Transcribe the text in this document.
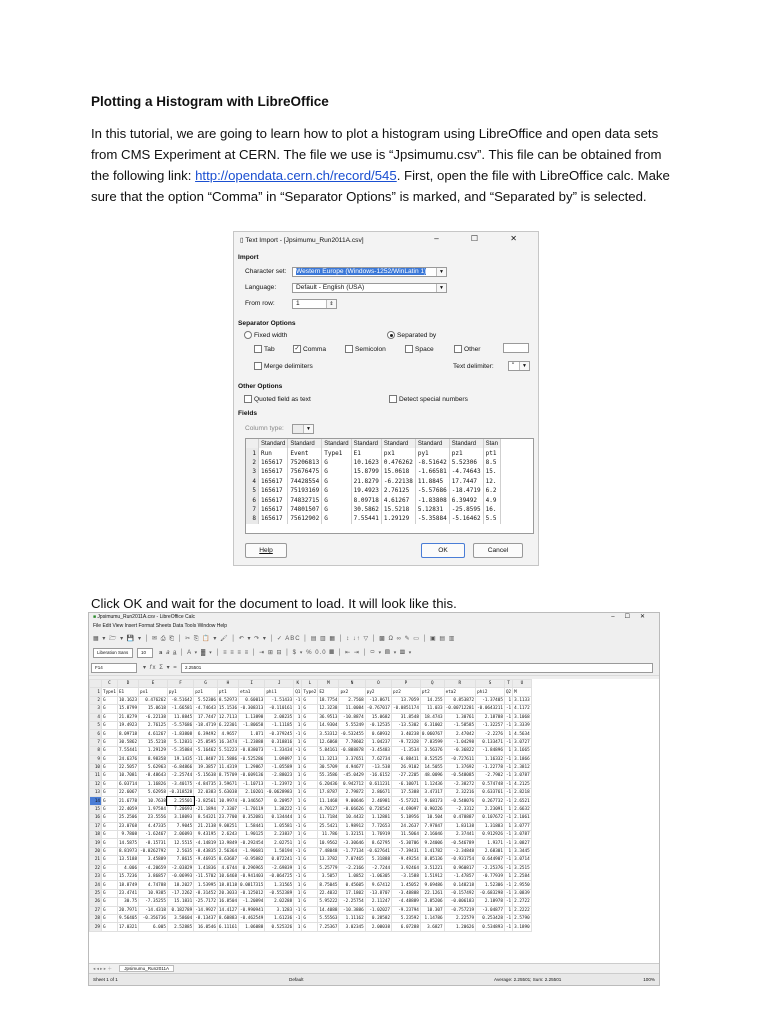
Plotting a Histogram with LibreOffice
In this tutorial, we are going to learn how to plot a histogram using LibreOffice and open data sets from CMS Experiment at CERN. The file we use is “Jpsimumu.csv”. This file can be obtained from the following link: http://opendata.cern.ch/record/545. First, open the file with LibreOffice calc. Make sure that the option “Comma” in “Separator Options” is marked, and “Separated by” is selected.
▯ Text Import - [Jpsimumu_Run2011A.csv]	– ☐ ✕
Import
Character set:	Western Europe (Windows-1252/WinLatin 1)	▼
Language:	Default - English (USA)	▼
From row:	1	⇕
Separator Options
Fixed width	Separated by
Tab	✓ Comma	Semicolon	Space	Other
Merge delimiters	Text delimiter:	"	▼
Other Options
Quoted field as text	Detect special numbers
Fields
Column type:	▼
	Standard	Standard	Standard	Standard	Standard	Standard	Standard	Stan
1	Run	Event	Type1	E1	px1	py1	pz1	pt1
2	165617	75206813	G	10.1623	0.476262	-8.51642	5.52306	8.5
3	165617	75676475	G	15.8799	15.0618	-1.66581	-4.74643	15.
4	165617	74428554	G	21.8279	-6.22138	11.8845	17.7447	12.
5	165617	75193169	G	19.4923	2.76125	-5.57686	-18.4719	6.2
6	165617	74832715	G	8.09718	4.61267	-1.83808	6.39492	4.9
7	165617	74801507	G	30.5862	15.5218	5.12831	-25.8595	16.
8	165617	75612902	G	7.55441	1.29129	-5.35884	-5.16462	5.5
Help	OK	Cancel
Click OK and wait for the document to load. It will look like this.
■ Jpsimumu_Run2011A.csv - LibreOffice Calc	–☐✕
File Edit View Insert Format Sheets Data Tools Window Help
▦ ▾ 🗁 ▾ 💾 ▾ │ ✉ ⎙ ⎗ │ ✂ ⎘ 📋 ▾ 🖌 │ ↶ ▾ ↷ ▾ │ ✓ ABC │ ▤ ▥ ▦ │ ↕ ↓↑ ▽ │ ▩ Ω ∞ ✎ ▭ │ ▣ ▤ ▥
Liberation Sans	10	𝐚 𝑎 a̲ │ A ▾ ▓ ▾ │ ≡ ≡ ≡ ≡ │ ⇥ ⊞ ⊟ │ $ ▾ % 0.0 ▦ │ ⇤ ⇥ │ ▭ ▾ ▤ ▾ ▥ ▾
F14	▾ 𝑓x Σ ▾ =	2.25501
	C	D	E	F	G	H	I	J	K	L	M	N	O	P	Q	R	S	T	U
1	Type1	E1	px1	py1	pz1	pt1	eta1	phi1	Q1	Type2	E2	px2	py2	pz2	pt2	eta2	phi2	Q2	M
2	G	10.1623	0.476262	-8.51642	5.52306	8.52973	0.60013	-1.51433	-1	G	18.7754	2.7568	-13.8671	13.7059	14.255	0.853872	-1.37405	1	3.1133
3	G	15.8799	15.0618	-1.66581	-4.74643	15.1536	-0.308313	-0.110161	1	G	12.3238	11.0084	-0.767017	-0.0851174	11.033	-0.00712281	-0.0643211	-1	4.1172
4	G	21.8279	-6.22138	11.8845	17.7447	12.7113	1.13898	2.08235	1	G	36.9513	-10.8874	15.0682	31.8548	18.4743	1.30761	2.18788	-1	3.1068
5	G	19.4923	2.76125	-5.57686	-18.4719	6.22301	-1.80658	-1.11185	1	G	14.9304	5.55249	-0.12535	-13.5302	6.31002	-1.58585	-1.32257	-1	3.3339
6	G	8.09718	4.61267	-1.83808	6.39492	4.9657	1.071	-0.379245	-1	G	3.53312	-0.532455	0.68932	3.40238	0.060767	2.47042	-2.2276	1	4.5634
7	G	30.5862	15.5218	5.12831	-25.8595	16.3474	-1.23888	0.318816	1	G	12.6868	7.78602	1.04237	-9.72328	7.83599	-1.04298	0.133471	-1	3.0727
8	G	7.55441	1.29129	-5.35884	-5.16462	5.51223	-0.838073	-1.33434	-1	G	5.84161	-0.888878	-3.45483	-1.3534	3.56376	-0.36822	-1.84896	1	3.1665
9	G	24.6376	8.98358	19.1435	-11.8487	21.5886	-0.525286	1.09897	1	G	11.3213	3.37651	7.62734	-6.88411	8.52525	-0.727611	1.16332	-1	3.1866
10	G	22.5057	5.62963	-6.84866	19.3857	11.4319	1.29867	-1.05589	1	G	30.5709	4.94677	-13.538	26.9102	14.5055	1.37692	-1.22778	-1	2.3812
11	G	10.7081	-8.48643	-2.25744	-5.15638	8.75709	-0.609136	-2.88023	1	G	55.3586	-45.0429	-16.6152	-27.2205	48.0096	-0.548085	-2.7902	-1	3.0787
12	G	6.03714	1.16826	-3.40175	-4.84735	3.59671	-1.10713	-1.23972	1	G	6.20436	0.942712	0.611231	-6.10071	1.12436	-2.38272	0.574748	-1	4.2125
13	G	22.6067	5.62958	-0.318528	22.0383	5.63038	2.10201	-0.0628983	1	G	17.8787	2.79872	2.86671	17.5388	3.47317	2.32216	0.633761	-1	2.8218
14	G	21.6778	10.7638	2.25501	-3.82561	10.9974	-0.346567	0.20957	1	G	11.1468	9.00646	2.46981	-5.57321	9.68173	-0.548076	0.267732	-1	2.6521
15	G	22.4059	1.97584	7.20693	-21.1894	7.3307	-1.70119	1.38222	-1	G	4.70127	-0.66626	0.726542	-4.69097	0.90226	-2.3312	2.23091	1	2.6632
16	G	25.2506	23.5556	3.18093	8.54321	23.7700	0.352081	0.134444	1	G	11.7184	10.4432	1.12881	5.18956	10.504	0.478887	0.107672	-1	2.1061
17	G	23.0768	4.47335	7.9045	21.2138	9.08251	1.58441	1.05581	-1	G	25.5421	1.98912	7.72653	24.2637	7.97847	1.83138	1.31883	1	3.0777
18	G	9.7808	-1.62467	2.06093	9.43195	2.6243	1.90125	2.23837	1	G	11.786	1.32151	1.76919	11.5064	2.16046	2.37441	0.912926	-1	3.0787
19	G	14.5875	-8.15731	12.5515	-4.14819	13.9849	-0.292454	2.02751	1	G	10.9562	-3.30646	8.62795	-5.30706	9.24006	-0.546789	1.9371	-1	3.0827
20	G	8.81973	-0.0262792	2.5635	-8.43835	2.56364	-1.90681	1.58194	-1	G	7.48048	-1.77134	-0.627641	-7.39431	1.41782	-2.34848	2.68301	1	3.3445
21	G	13.5188	3.45889	7.8615	-9.46935	8.63687	-0.95882	0.072241	-1	G	13.3782	7.07465	5.31888	-9.49254	8.85136	-0.931754	0.644907	-1	3.0714
22	G	4.006	-4.20659	-2.03829	1.41836	4.6744	0.296965	-2.69839	1	G	5.25779	-2.2166	-2.7244	3.92464	3.51221	0.960817	-2.25376	-1	3.2515
23	G	15.7236	3.86857	-0.06993	-11.5702	10.6468	-0.941403	-0.064725	-1	G	3.5057	1.0852	-1.06305	-3.1588	1.51912	-1.47857	-0.77939	1	2.2584
24	G	18.8749	4.74788	18.2027	1.53995	18.8118	0.0817315	1.31565	1	G	8.75045	0.45605	9.67412	1.45052	9.69486	0.148218	1.52306	-1	2.9550
25	G	23.4741	10.9385	-17.2262	-8.31452	20.3033	-0.125012	-0.552389	1	G	22.4032	17.1802	-13.8707	-3.48888	22.1261	-0.157492	-0.683298	-1	3.0839
26	G	30.75	-7.35255	15.1831	-25.7172	16.8504	-1.20894	2.02288	1	G	5.95222	-2.25754	2.11247	-4.48889	3.85206	-0.006183	2.18978	-1	2.2722
27	G	20.7971	-14.4318	0.182789	-14.9927	14.4127	-0.990941	3.1283	-1	G	14.4088	-10.3886	-1.02027	-9.23794	10.307	-0.757219	-3.04877	1	2.2222
28	G	9.56405	-0.356736	3.58604	-8.13437	8.60883	-0.462549	1.61236	-1	G	5.55563	1.11162	0.28582	5.23592	1.14786	2.22579	0.253428	-1	2.5790
29	G	17.0321	6.005	2.52885	16.0546	6.11161	1.06088	0.525326	1	G	7.25367	3.02345	2.00038	6.07288	3.6827	1.20626	0.534893	-1	3.1890
◂ ◂ ▸ ▸ ＋	Jpsimumu_Run2011A
Sheet 1 of 1	Default	Average: 2.25501; Sum: 2.25501	100%
